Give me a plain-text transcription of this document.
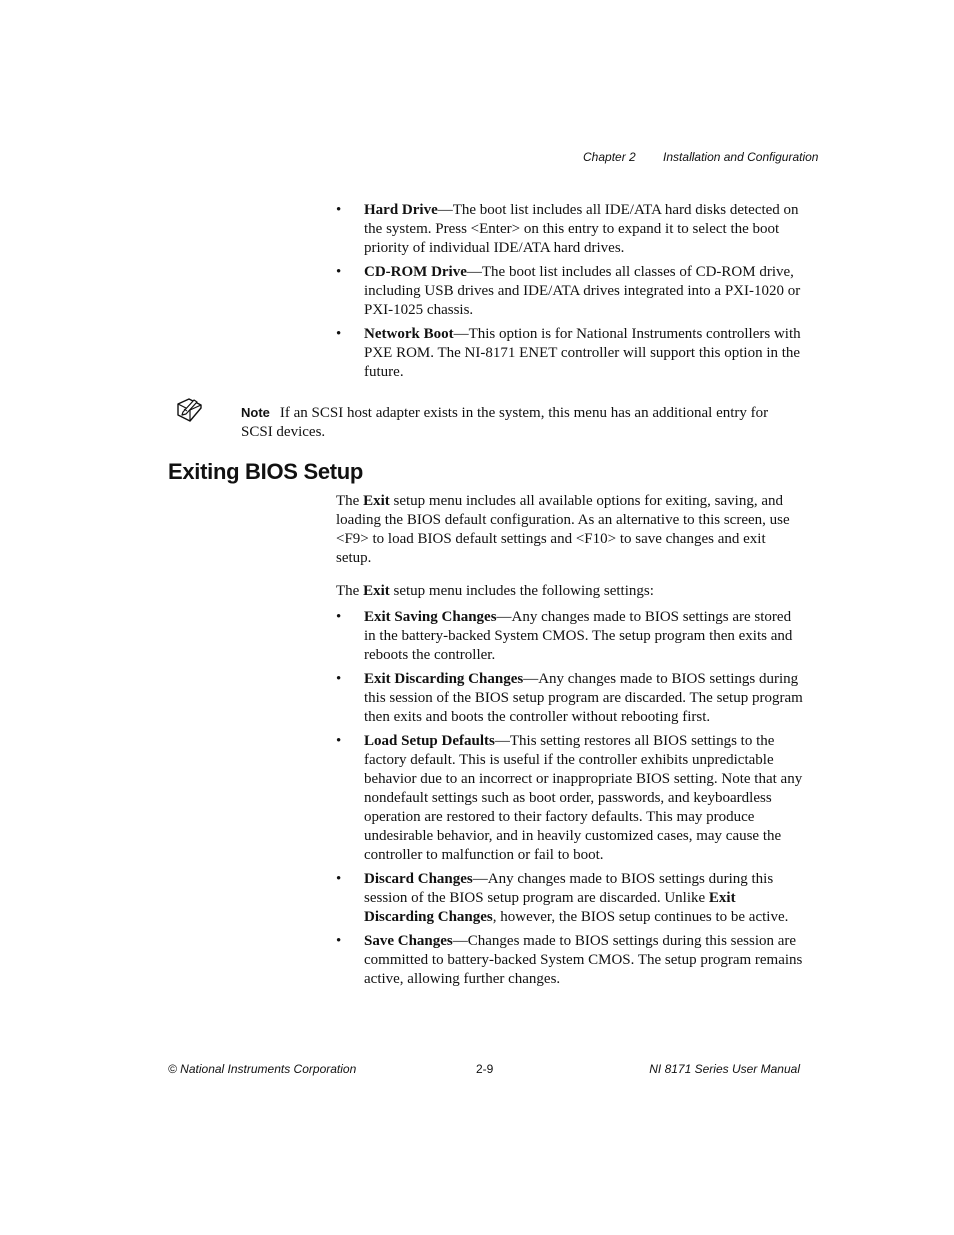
Chapter 2 Installation and Configuration
• Hard Drive—The boot list includes all IDE/ATA hard disks detected on the system. Press <Enter> on this entry to expand it to select the boot priority of individual IDE/ATA hard drives.
• CD-ROM Drive—The boot list includes all classes of CD-ROM drive, including USB drives and IDE/ATA drives integrated into a PXI-1020 or PXI-1025 chassis.
• Network Boot—This option is for National Instruments controllers with PXE ROM. The NI-8171 ENET controller will support this option in the future.
Note If an SCSI host adapter exists in the system, this menu has an additional entry for SCSI devices.
Exiting BIOS Setup

The Exit setup menu includes all available options for exiting, saving, and loading the BIOS default configuration. As an alternative to this screen, use <F9> to load BIOS default settings and <F10> to save changes and exit setup.

The Exit setup menu includes the following settings:

• Exit Saving Changes—Any changes made to BIOS settings are stored in the battery-backed System CMOS. The setup program then exits and reboots the controller.
• Exit Discarding Changes—Any changes made to BIOS settings during this session of the BIOS setup program are discarded. The setup program then exits and boots the controller without rebooting first.
• Load Setup Defaults—This setting restores all BIOS settings to the factory default. This is useful if the controller exhibits unpredictable behavior due to an incorrect or inappropriate BIOS setting. Note that any nondefault settings such as boot order, passwords, and keyboardless operation are restored to their factory defaults. This may produce undesirable behavior, and in heavily customized cases, may cause the controller to malfunction or fail to boot.
• Discard Changes—Any changes made to BIOS settings during this session of the BIOS setup program are discarded. Unlike Exit Discarding Changes, however, the BIOS setup continues to be active.
• Save Changes—Changes made to BIOS settings during this session are committed to battery-backed System CMOS. The setup program remains active, allowing further changes.
© National Instruments Corporation	2-9	NI 8171 Series User Manual
